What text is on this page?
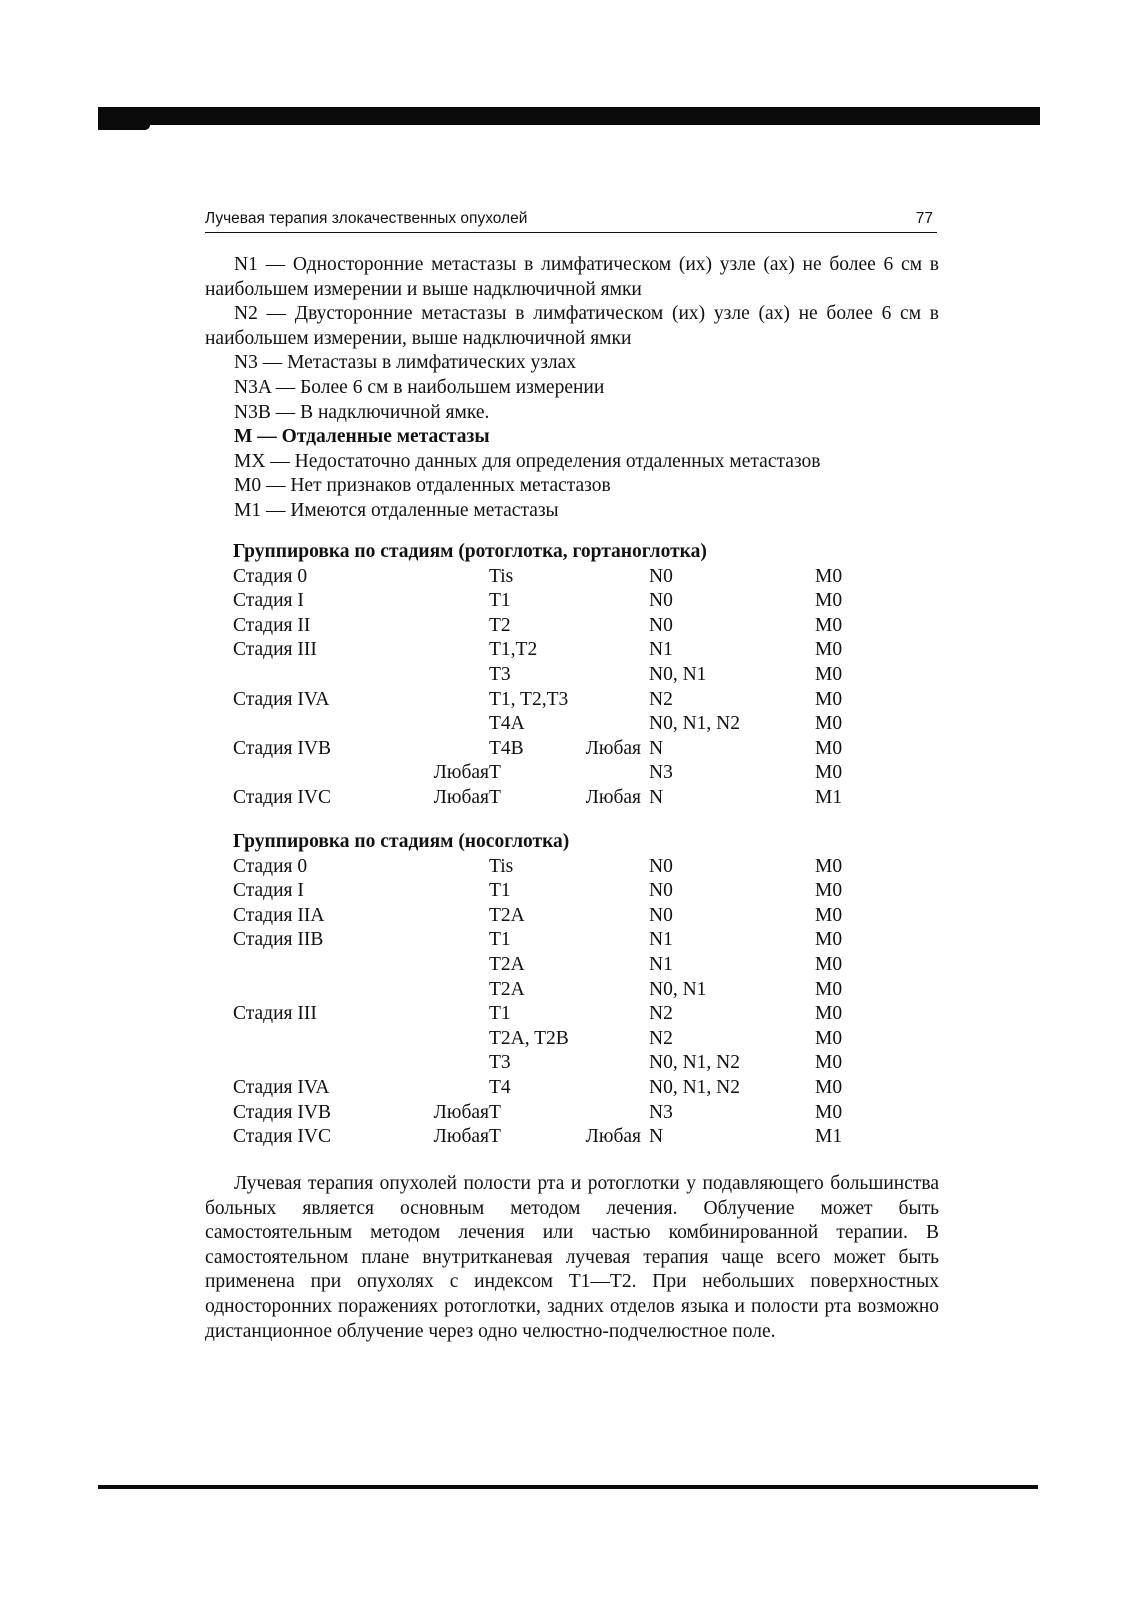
Лучевая терапия злокачественных опухолей	77

N1 — Односторонние метастазы в лимфатическом (их) узле (ах) не более 6 см в наибольшем измерении и выше надключичной ямки

N2 — Двусторонние метастазы в лимфатическом (их) узле (ах) не более 6 см в наибольшем измерении, выше надключичной ямки

N3 — Метастазы в лимфатических узлах

N3A — Более 6 см в наибольшем измерении

N3B — В надключичной ямке.

M — Отдаленные метастазы

MX — Недостаточно данных для определения отдаленных метастазов

M0 — Нет признаков отдаленных метастазов

M1 — Имеются отдаленные метастазы

Группировка по стадиям (ротоглотка, гортаноглотка)
Стадия 0		Tis		N0	M0
Стадия I		T1		N0	M0
Стадия II		T2		N0	M0
Стадия III		T1,T2		N1	M0
		T3		N0, N1	M0
Стадия IVA		T1, T2,T3		N2	M0
		T4A		N0, N1, N2	M0
Стадия IVB		T4B	Любая	N	M0
	Любая	T		N3	M0
Стадия IVC	Любая	T	Любая	N	M1
Группировка по стадиям (носоглотка)
Стадия 0		Tis		N0	M0
Стадия I		T1		N0	M0
Стадия IIA		T2A		N0	M0
Стадия IIB		T1		N1	M0
		T2A		N1	M0
		T2A		N0, N1	M0
Стадия III		T1		N2	M0
		T2A, T2B		N2	M0
		T3		N0, N1, N2	M0
Стадия IVA		T4		N0, N1, N2	M0
Стадия IVB	Любая	T		N3	M0
Стадия IVC	Любая	T	Любая	N	M1

Лучевая терапия опухолей полости рта и ротоглотки у подавляющего большинства больных является основным методом лечения. Облучение может быть самостоятельным методом лечения или частью комбинированной терапии. В самостоятельном плане внутритканевая лучевая терапия чаще всего может быть применена при опухолях с индексом T1—T2. При небольших поверхностных односторонних поражениях ротоглотки, задних отделов языка и полости рта возможно дистанционное облучение через одно челюстно-подчелюстное поле.
